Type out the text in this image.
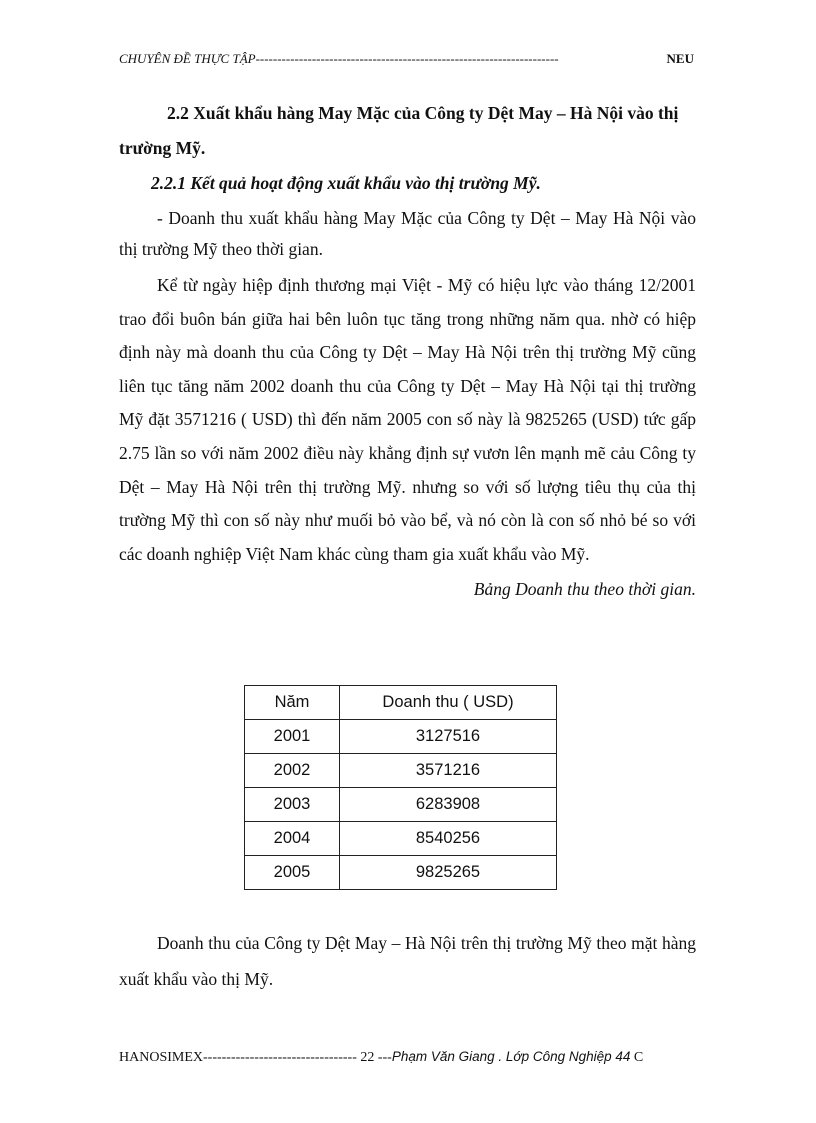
NEU
CHUYÊN ĐỀ THỰC TẬP----------------------------------------------------------------------
2.2 Xuất khẩu hàng May Mặc của Công ty Dệt May – Hà Nội vào thị trường Mỹ.

2.2.1 Kết quả hoạt động xuất khẩu vào thị trường Mỹ.

- Doanh thu xuất khẩu hàng May Mặc của Công ty Dệt – May Hà Nội vào thị trường Mỹ theo thời gian.

Kể từ ngày hiệp định thương mại Việt - Mỹ có hiệu lực vào tháng 12/2001 trao đổi buôn bán giữa hai bên luôn tục tăng trong những năm qua. nhờ có hiệp định này mà doanh thu của Công ty Dệt – May Hà Nội trên thị trường Mỹ cũng liên tục tăng năm 2002 doanh thu của Công ty Dệt – May Hà Nội tại thị trường Mỹ đặt 3571216 ( USD) thì đến năm 2005 con số này là 9825265 (USD) tức gấp 2.75 lần so với năm 2002 điều này khẳng định sự vươn lên mạnh mẽ cảu Công ty Dệt – May Hà Nội trên thị trường Mỹ. nhưng so với số lượng tiêu thụ của thị trường Mỹ thì con số này như muối bỏ vào bể, và nó còn là con số nhỏ bé so với các doanh nghiệp Việt Nam khác cùng tham gia xuất khẩu vào Mỹ.

Bảng Doanh thu theo thời gian.
Năm	Doanh thu ( USD)
2001	3127516
2002	3571216
2003	6283908
2004	8540256
2005	9825265
Doanh thu của Công ty Dệt May – Hà Nội trên thị trường Mỹ theo mặt hàng xuất khẩu vào thị Mỹ.
HANOSIMEX--------------------------------- 22 ---Phạm Văn Giang . Lớp Công Nghiệp 44 C
